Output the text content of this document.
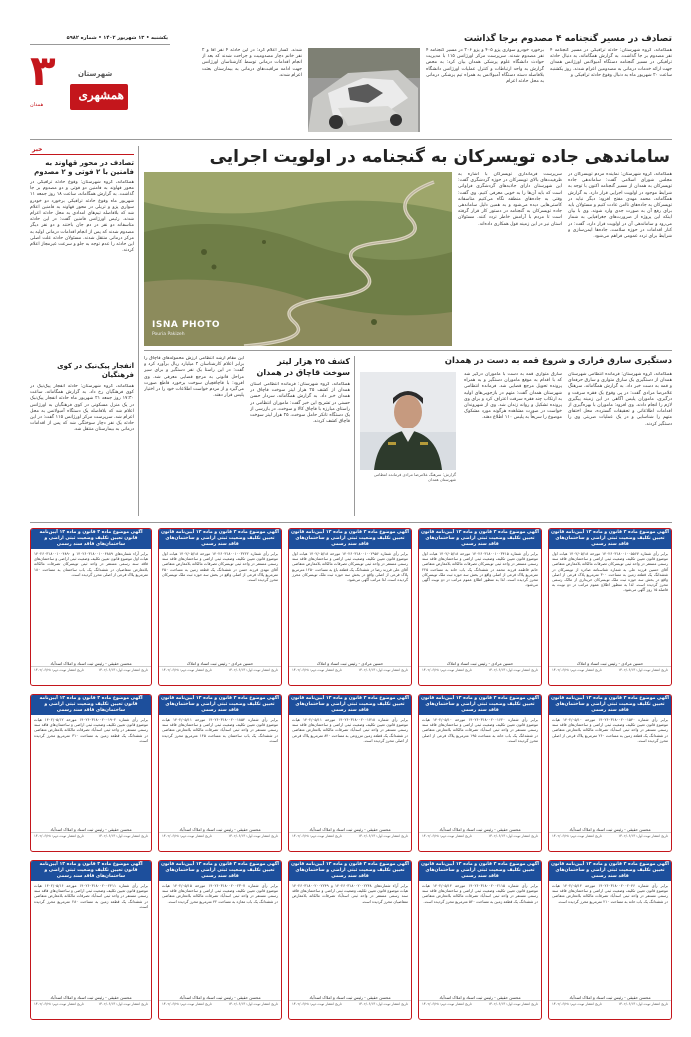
یکشنبه • ۱۳ شهریور ۱۴۰۲ • شماره ۵۹۸۲
۳	شهرستان
همشهری
همدان
تصادف در مسیر گنجنامه ۴ مصدوم برجا گذاشت
همگامانه، گروه شهرستان: حادثه ترافیکی در مسیر گنجنامه ۴ نفر مصدوم بر جا گذاشت. به گزارش همگامانه، به دنبال حادثه ترافیکی در مسیر گنجنامه دستگاه آمبولانس اورژانس همدان جهت ارائه خدمات درمانی به مصدومین اعزام شدند. روز یکشنبه ساعت ۲۰ شهریور ماه به دنبال وقوع حادثه ترافیکی و
برخورد خودرو سواری پژو ۴۰۵ و پژو ۲۰۶ در مسیر گنجنامه ۴ نفر مصدوم شدند. سرپرست مرکز اورژانس ۱۱۵ با مدیریت حوادث دانشگاه علوم پزشکی همدان بیان کرد: به محض گزارش به واحد ارتباطات و کنترل عملیات اورژانس دانشگاه بلافاصله دسته دستگاه آمبولانس به همراه تیم پزشکی درمانی به محل حادثه اعزام
شدند. گسار اعلام کرد: در این حادثه ۴ نفر آقا و ۲ نفر خانم دچار مصدومیت و جراحت شدند که بعد از انجام اقدامات درمانی توسط کارشناسان اورژانس جهت ادامه مراقبت‌های درمانی به بیمارستان بعثت اعزام شدند.
خبر
تصادف در محور قهاوند به فامنین با ۲ فوتی و ۲ مصدوم
همگامانه، گروه شهرستان: وقوع حادثه ترافیکی در محور قهاوند به فامنین دو فوتی و دو مصدوم بر جا گذاشت. به گزارش همگامانه، ساعت ۱۸ روز جمعه ۱۱ شهریور ماه وقوع حادثه ترافیکی برخورد دو خودرو سواری پژو و تریلی در محور قهاوند به فامنین اعلام شد که بلافاصله تیم‌های امدادی به محل حادثه اعزام شدند. رئیس اورژانس فامنین گفت: در این حادثه متاسفانه دو نفر در دم جان باختند و دو نفر دیگر مصدوم شدند که پس از انجام اقدامات درمانی اولیه به مرکز درمانی منتقل شدند. مسئولان حادثه علت اصلی این حادثه را عدم توجه به جلو و سرعت غیرمجاز اعلام کردند.
انفجار پیک‌نیک در کوی فرهنگیان
همگامانه، گروه شهرستان: حادثه انفجار پیک‌نیک در کوی فرهنگیان رخ داد. به گزارش همگامانه، ساعت ۱۷:۳۰ روز جمعه ۲۱ شهریور ماه حادثه انفجار پیک‌نیک در یک منزل مسکونی در کوی فرهنگیان به اورژانس اعلام شد که بلافاصله یک دستگاه آمبولانس به محل اعزام شد. سرپرست مرکز اورژانس ۱۱۵ گفت: در این حادثه یک نفر دچار سوختگی شد که پس از اقدامات درمانی به بیمارستان منتقل شد.
ساماندهی جاده تویسرکان به گنجنامه در اولویت اجرایی
همگامانه، گروه شهرستان: نماینده مردم تویسرکان در مجلس شورای اسلامی گفت: ساماندهی جاده تویسرکان به همدان از مسیر گنجنامه اکنون با توجه به شرایط موجود در اولویت اجرایی قرار دارد. به گزارش همگامانه، محمد مهدی مفتح افزود: دیگر نباید در تویسرکان به جاده‌های ناامن عادت کنیم و مسئولان باید برای رفع آن به صورت جدی وارد شوند. وی با بیان اینکه این پروژه از ضرورت‌های جغرافیایی به شمار می‌رود و ساماندهی آن در اولویت قرار دارد، گفت: در کنار اقدامات در حوزه سلامت، جاده‌ها ایمن‌سازی و شرایط برای تردد عمومی فراهم می‌شود.
سرپرست فرمانداری تویسرکان با اشاره به ظرفیت‌های بالای تویسرکان در حوزه گردشگری گفت: این شهرستان دارای جاذبه‌های گردشگری فراوانی است که باید آن‌ها را به خوبی معرفی کنیم. وی گفت: وقتی به جاده‌های منطقه نگاه می‌کنیم متاسفانه کاستی‌هایی دیده می‌شود و به همین دلیل ساماندهی جاده تویسرکان به گنجنامه در دستور کار قرار گرفته است تا مردم با آرامش خاطر تردد کنند. مسئولان استان نیز در این زمینه قول همکاری داده‌اند.
ISNA PHOTO
Pouria Pakizeh
دستگیری سارق فراری و شروع قمه به دست در همدان
همگامانه، گروه شهرستان: فرمانده انتظامی شهرستان همدان از دستگیری یک سارق متواری و سارق حرفه‌ای و قمه به دست خبر داد. به گزارش همگامانه، سرهنگ غلامرضا مرادی گفت: در پی وقوع یک فقره سرقت و درگیری، ماموران پلیس آگاهی در این زمینه پیگیری لازم را انجام دادند. وی افزود: ماموران با بهره‌گیری از اقدامات اطلاعاتی و تحقیقات گسترده، محل اختفای متهم را شناسایی و در یک عملیات ضربتی وی را دستگیر کردند.
سارق متواری قمه به دست با ماموران درگیر شد که با اقدام به موقع ماموران دستگیر و به همراه پرونده تحویل مرجع قضایی شد. فرمانده انتظامی شهرستان همدان گفت: متهم در بازجویی‌های اولیه به ارتکاب چند فقره سرقت اعتراف کرد و برای وی پرونده تشکیل و روانه زندان شد. وی از شهروندان خواست در صورت مشاهده هرگونه مورد مشکوک موضوع را سریعاً به پلیس ۱۱۰ اطلاع دهند.
گزارش: سرهنگ غلامرضا مرادی فرمانده انتظامی شهرستان همدان
کشف ۲۵ هزار لیتر سوخت قاچاق در همدان
همگامانه، گروه شهرستان: فرمانده انتظامی استان همدان از کشف ۲۵ هزار لیتر سوخت قاچاق در همدان خبر داد. به گزارش همگامانه، سردار حسن حسنی در تشریح این خبر گفت: ماموران انتظامی در راستای مبارزه با قاچاق کالا و سوخت، در بازرسی از یک دستگاه تانکر حامل سوخت، ۲۵ هزار لیتر سوخت قاچاق کشف کردند.
این مقام ارشد انتظامی ارزش محموله‌های قاچاق را برابر اعلام کارشناسان ۲ میلیارد ریال برآورد کرد و گفت: در این راستا یک نفر دستگیر و برای سیر مراحل قانونی به مرجع قضایی معرفی شد. وی افزود: با قاچاقچیان سوخت برخورد قاطع صورت می‌گیرد و از مردم خواست اطلاعات خود را در اختیار پلیس قرار دهند.
آگهی موضوع ماده ۳ قانون و ماده ۱۳ آیین‌نامه قانون تعیین تکلیف وضعیت ثبتی اراضی و ساختمان‌های فاقد سند رسمی
برابر رأی شماره ۱۴۰۲۶۰۳۱۸۰۰۱۰۰۵۵۶۷ مورخه ۱۴۰۲/۰۵/۱۸ هیات اول موضوع قانون تعیین تکلیف وضعیت ثبتی اراضی و ساختمان‌های فاقد سند رسمی مستقر در واحد ثبتی تویسرکان تصرفات مالکانه بلامعارض متقاضی آقای حسین فرزند علی به شماره شناسنامه صادره از تویسرکان در ششدانگ یک قطعه زمین به مساحت ۳۰۰ مترمربع پلاک فرعی از اصلی واقع در بخش سه حوزه ثبت ملک تویسرکان خریداری از مالک رسمی محرز گردیده است. لذا به منظور اطلاع عموم مراتب در دو نوبت به فاصله ۱۵ روز آگهی می‌شود.
حسین مرادی - رئیس ثبت اسناد و املاک
تاریخ انتشار نوبت اول: ۱۴۰۲/۰۶/۱۳
تاریخ انتشار نوبت دوم: ۱۴۰۲/۰۶/۲۸
آگهی موضوع ماده ۳ قانون و ماده ۱۳ آیین‌نامه قانون تعیین تکلیف وضعیت ثبتی اراضی و ساختمان‌های فاقد سند رسمی
برابر رأی شماره ۱۴۰۲۶۰۳۱۸۰۰۱۰۰۳۴۱۵ مورخه ۱۴۰۲/۰۵/۱۸ هیات اول موضوع قانون تعیین تکلیف وضعیت ثبتی اراضی و ساختمان‌های فاقد سند رسمی مستقر در واحد ثبتی تویسرکان تصرفات مالکانه بلامعارض متقاضی خانم فاطمه فرزند محمد در ششدانگ یک باب خانه به مساحت ۲۲۵ مترمربع پلاک فرعی از اصلی واقع در بخش سه حوزه ثبت ملک تویسرکان محرز گردیده است. لذا به منظور اطلاع عموم مراتب در دو نوبت آگهی می‌شود.
حسین مرادی - رئیس ثبت اسناد و املاک
تاریخ انتشار نوبت اول: ۱۴۰۲/۰۶/۱۳
تاریخ انتشار نوبت دوم: ۱۴۰۲/۰۶/۲۸
آگهی موضوع ماده ۳ قانون و ماده ۱۳ آیین‌نامه قانون تعیین تکلیف وضعیت ثبتی اراضی و ساختمان‌های فاقد سند رسمی
برابر رأی شماره ۱۴۰۲۶۰۳۱۸۰۰۱۰۰۲۹۵۶ مورخه ۱۴۰۲/۰۵/۱۸ هیات اول موضوع قانون تعیین تکلیف وضعیت ثبتی اراضی و ساختمان‌های فاقد سند رسمی مستقر در واحد ثبتی تویسرکان تصرفات مالکانه بلامعارض متقاضی آقای علی فرزند رضا در ششدانگ یک قطعه باغ به مساحت ۱۲۵۰ مترمربع پلاک فرعی از اصلی واقع در بخش سه حوزه ثبت ملک تویسرکان محرز گردیده است. لذا مراتب آگهی می‌شود.
حسین مرادی - رئیس ثبت اسناد و املاک
تاریخ انتشار نوبت اول: ۱۴۰۲/۰۶/۱۳
تاریخ انتشار نوبت دوم: ۱۴۰۲/۰۶/۲۸
آگهی موضوع ماده ۳ قانون و ماده ۱۳ آیین‌نامه قانون تعیین تکلیف وضعیت ثبتی اراضی و ساختمان‌های فاقد سند رسمی
برابر رأی شماره ۱۴۰۲۶۰۳۱۸۰۰۱۰۰۳۲۲۲ مورخه ۱۴۰۲/۰۵/۱۸ هیات اول موضوع قانون تعیین تکلیف وضعیت ثبتی اراضی و ساختمان‌های فاقد سند رسمی مستقر در واحد ثبتی تویسرکان تصرفات مالکانه بلامعارض متقاضی آقای مهدی فرزند حسن در ششدانگ یک قطعه زمین به مساحت ۴۵۰ مترمربع پلاک فرعی از اصلی واقع در بخش سه حوزه ثبت ملک تویسرکان محرز گردیده است.
حسین مرادی - رئیس ثبت اسناد و املاک
تاریخ انتشار نوبت اول: ۱۴۰۲/۰۶/۱۳
تاریخ انتشار نوبت دوم: ۱۴۰۲/۰۶/۲۸
آگهی موضوع ماده ۳ قانون و ماده ۱۳ آیین‌نامه قانون تعیین تکلیف وضعیت ثبتی اراضی و ساختمان‌های فاقد سند رسمی
برابر آراء شماره‌های ۱۴۰۲۶۰۳۱۸۰۰۱۰۰۴۸۸۹ و ۱۴۰۲۶۰۳۱۸۰۰۱۰۰۴۸۹۰ هیات اول موضوع قانون تعیین تکلیف وضعیت ثبتی اراضی و ساختمان‌های فاقد سند رسمی مستقر در واحد ثبتی تویسرکان تصرفات مالکانه بلامعارض متقاضیان در ششدانگ یک باب ساختمان به مساحت ۱۸۰ مترمربع پلاک فرعی از اصلی محرز گردیده است.
محسن حقیقی - رئیس ثبت اسناد و املاک اسدآباد
تاریخ انتشار نوبت اول: ۱۴۰۲/۰۶/۱۳
تاریخ انتشار نوبت دوم: ۱۴۰۲/۰۶/۲۸
آگهی موضوع ماده ۳ قانون و ماده ۱۳ آیین‌نامه قانون تعیین تکلیف وضعیت ثبتی اراضی و ساختمان‌های فاقد سند رسمی
برابر رأی شماره ۱۴۰۲۶۰۳۱۸۰۰۲۰۰۱۵۴۰ مورخه ۱۴۰۲/۰۵/۱۰ هیات موضوع قانون تعیین تکلیف وضعیت ثبتی اراضی و ساختمان‌های فاقد سند رسمی مستقر در واحد ثبتی اسدآباد تصرفات مالکانه بلامعارض متقاضی در ششدانگ یک قطعه زمین به مساحت ۲۶۰ مترمربع پلاک فرعی از اصلی محرز گردیده است.
محسن حقیقی - رئیس ثبت اسناد و املاک اسدآباد
تاریخ انتشار نوبت اول: ۱۴۰۲/۰۶/۱۳
تاریخ انتشار نوبت دوم: ۱۴۰۲/۰۶/۲۸
آگهی موضوع ماده ۳ قانون و ماده ۱۳ آیین‌نامه قانون تعیین تکلیف وضعیت ثبتی اراضی و ساختمان‌های فاقد سند رسمی
برابر رأی شماره ۱۴۰۲۶۰۳۱۸۰۰۲۰۰۱۶۲۰ مورخه ۱۴۰۲/۰۵/۱۰ هیات موضوع قانون تعیین تکلیف وضعیت ثبتی اراضی و ساختمان‌های فاقد سند رسمی مستقر در واحد ثبتی اسدآباد تصرفات مالکانه بلامعارض متقاضی در ششدانگ یک باب خانه به مساحت ۱۹۵ مترمربع پلاک فرعی از اصلی محرز گردیده است.
محسن حقیقی - رئیس ثبت اسناد و املاک اسدآباد
تاریخ انتشار نوبت اول: ۱۴۰۲/۰۶/۱۳
تاریخ انتشار نوبت دوم: ۱۴۰۲/۰۶/۲۸
آگهی موضوع ماده ۳ قانون و ماده ۱۳ آیین‌نامه قانون تعیین تکلیف وضعیت ثبتی اراضی و ساختمان‌های فاقد سند رسمی
برابر رأی شماره ۱۴۰۲۶۰۳۱۸۰۰۲۰۰۱۷۱۸ مورخه ۱۴۰۲/۰۵/۱۱ هیات موضوع قانون تعیین تکلیف وضعیت ثبتی اراضی و ساختمان‌های فاقد سند رسمی مستقر در واحد ثبتی اسدآباد تصرفات مالکانه بلامعارض متقاضی در ششدانگ یک قطعه زمین مزروعی به مساحت ۸۴۰ مترمربع پلاک فرعی از اصلی محرز گردیده است.
محسن حقیقی - رئیس ثبت اسناد و املاک اسدآباد
تاریخ انتشار نوبت اول: ۱۴۰۲/۰۶/۱۳
تاریخ انتشار نوبت دوم: ۱۴۰۲/۰۶/۲۸
آگهی موضوع ماده ۳ قانون و ماده ۱۳ آیین‌نامه قانون تعیین تکلیف وضعیت ثبتی اراضی و ساختمان‌های فاقد سند رسمی
برابر رأی شماره ۱۴۰۲۶۰۳۱۸۰۰۲۰۰۱۸۵۴ مورخه ۱۴۰۲/۰۵/۱۱ هیات موضوع قانون تعیین تکلیف وضعیت ثبتی اراضی و ساختمان‌های فاقد سند رسمی مستقر در واحد ثبتی اسدآباد تصرفات مالکانه بلامعارض متقاضی در ششدانگ یک باب ساختمان به مساحت ۱۴۵ مترمربع محرز گردیده است.
محسن حقیقی - رئیس ثبت اسناد و املاک اسدآباد
تاریخ انتشار نوبت اول: ۱۴۰۲/۰۶/۱۳
تاریخ انتشار نوبت دوم: ۱۴۰۲/۰۶/۲۸
آگهی موضوع ماده ۳ قانون و ماده ۱۳ آیین‌نامه قانون تعیین تکلیف وضعیت ثبتی اراضی و ساختمان‌های فاقد سند رسمی
برابر رأی شماره ۱۴۰۲۶۰۳۱۸۰۰۲۰۰۱۹۰۲ مورخه ۱۴۰۲/۰۵/۱۲ هیات موضوع قانون تعیین تکلیف وضعیت ثبتی اراضی و ساختمان‌های فاقد سند رسمی مستقر در واحد ثبتی اسدآباد تصرفات مالکانه بلامعارض متقاضی در ششدانگ یک قطعه زمین به مساحت ۳۱۰ مترمربع محرز گردیده است.
محسن حقیقی - رئیس ثبت اسناد و املاک اسدآباد
تاریخ انتشار نوبت اول: ۱۴۰۲/۰۶/۱۳
تاریخ انتشار نوبت دوم: ۱۴۰۲/۰۶/۲۸
آگهی موضوع ماده ۳ قانون و ماده ۱۳ آیین‌نامه قانون تعیین تکلیف وضعیت ثبتی اراضی و ساختمان‌های فاقد سند رسمی
برابر رأی شماره ۱۴۰۲۶۰۳۱۸۰۰۲۰۰۲۰۴۶ مورخه ۱۴۰۲/۰۵/۱۴ هیات موضوع قانون تعیین تکلیف وضعیت ثبتی اراضی و ساختمان‌های فاقد سند رسمی مستقر در واحد ثبتی اسدآباد تصرفات مالکانه بلامعارض متقاضی در ششدانگ یک باب خانه به مساحت ۲۱۰ مترمربع محرز گردیده است.
محسن حقیقی - رئیس ثبت اسناد و املاک اسدآباد
تاریخ انتشار نوبت اول: ۱۴۰۲/۰۶/۱۳
تاریخ انتشار نوبت دوم: ۱۴۰۲/۰۶/۲۸
آگهی موضوع ماده ۳ قانون و ماده ۱۳ آیین‌نامه قانون تعیین تکلیف وضعیت ثبتی اراضی و ساختمان‌های فاقد سند رسمی
برابر رأی شماره ۱۴۰۲۶۰۳۱۸۰۰۲۰۰۲۱۱۵ مورخه ۱۴۰۲/۰۵/۱۴ هیات موضوع قانون تعیین تکلیف وضعیت ثبتی اراضی و ساختمان‌های فاقد سند رسمی مستقر در واحد ثبتی اسدآباد تصرفات مالکانه بلامعارض متقاضی در ششدانگ یک قطعه زمین به مساحت ۵۲۰ مترمربع محرز گردیده است.
محسن حقیقی - رئیس ثبت اسناد و املاک اسدآباد
تاریخ انتشار نوبت اول: ۱۴۰۲/۰۶/۱۳
تاریخ انتشار نوبت دوم: ۱۴۰۲/۰۶/۲۸
آگهی موضوع ماده ۳ قانون و ماده ۱۳ آیین‌نامه قانون تعیین تکلیف وضعیت ثبتی اراضی و ساختمان‌های فاقد سند رسمی
برابر آراء شماره‌های ۱۴۰۲۶۰۳۱۸۰۰۲۰۰۲۲۴۸ و ۱۴۰۲۶۰۳۱۸۰۰۲۰۰۲۲۴۹ هیات موضوع قانون تعیین تکلیف وضعیت ثبتی اراضی و ساختمان‌های فاقد سند رسمی مستقر در واحد ثبتی اسدآباد تصرفات مالکانه بلامعارض متقاضیان محرز گردیده است.
محسن حقیقی - رئیس ثبت اسناد و املاک اسدآباد
تاریخ انتشار نوبت اول: ۱۴۰۲/۰۶/۱۳
تاریخ انتشار نوبت دوم: ۱۴۰۲/۰۶/۲۸
آگهی موضوع ماده ۳ قانون و ماده ۱۳ آیین‌نامه قانون تعیین تکلیف وضعیت ثبتی اراضی و ساختمان‌های فاقد سند رسمی
برابر رأی شماره ۱۴۰۲۶۰۳۱۸۰۰۲۰۰۲۳۰۷ مورخه ۱۴۰۲/۰۵/۱۵ هیات موضوع قانون تعیین تکلیف وضعیت ثبتی اراضی و ساختمان‌های فاقد سند رسمی مستقر در واحد ثبتی اسدآباد تصرفات مالکانه بلامعارض متقاضی در ششدانگ یک باب مغازه به مساحت ۴۲ مترمربع محرز گردیده است.
محسن حقیقی - رئیس ثبت اسناد و املاک اسدآباد
تاریخ انتشار نوبت اول: ۱۴۰۲/۰۶/۱۳
تاریخ انتشار نوبت دوم: ۱۴۰۲/۰۶/۲۸
آگهی موضوع ماده ۳ قانون و ماده ۱۳ آیین‌نامه قانون تعیین تکلیف وضعیت ثبتی اراضی و ساختمان‌های فاقد سند رسمی
برابر رأی شماره ۱۴۰۲۶۰۳۱۸۰۰۲۰۰۲۴۱۱ مورخه ۱۴۰۲/۰۵/۱۶ هیات موضوع قانون تعیین تکلیف وضعیت ثبتی اراضی و ساختمان‌های فاقد سند رسمی مستقر در واحد ثبتی اسدآباد تصرفات مالکانه بلامعارض متقاضی در ششدانگ یک قطعه زمین به مساحت ۲۸۰ مترمربع محرز گردیده است.
محسن حقیقی - رئیس ثبت اسناد و املاک اسدآباد
تاریخ انتشار نوبت اول: ۱۴۰۲/۰۶/۱۳
تاریخ انتشار نوبت دوم: ۱۴۰۲/۰۶/۲۸
